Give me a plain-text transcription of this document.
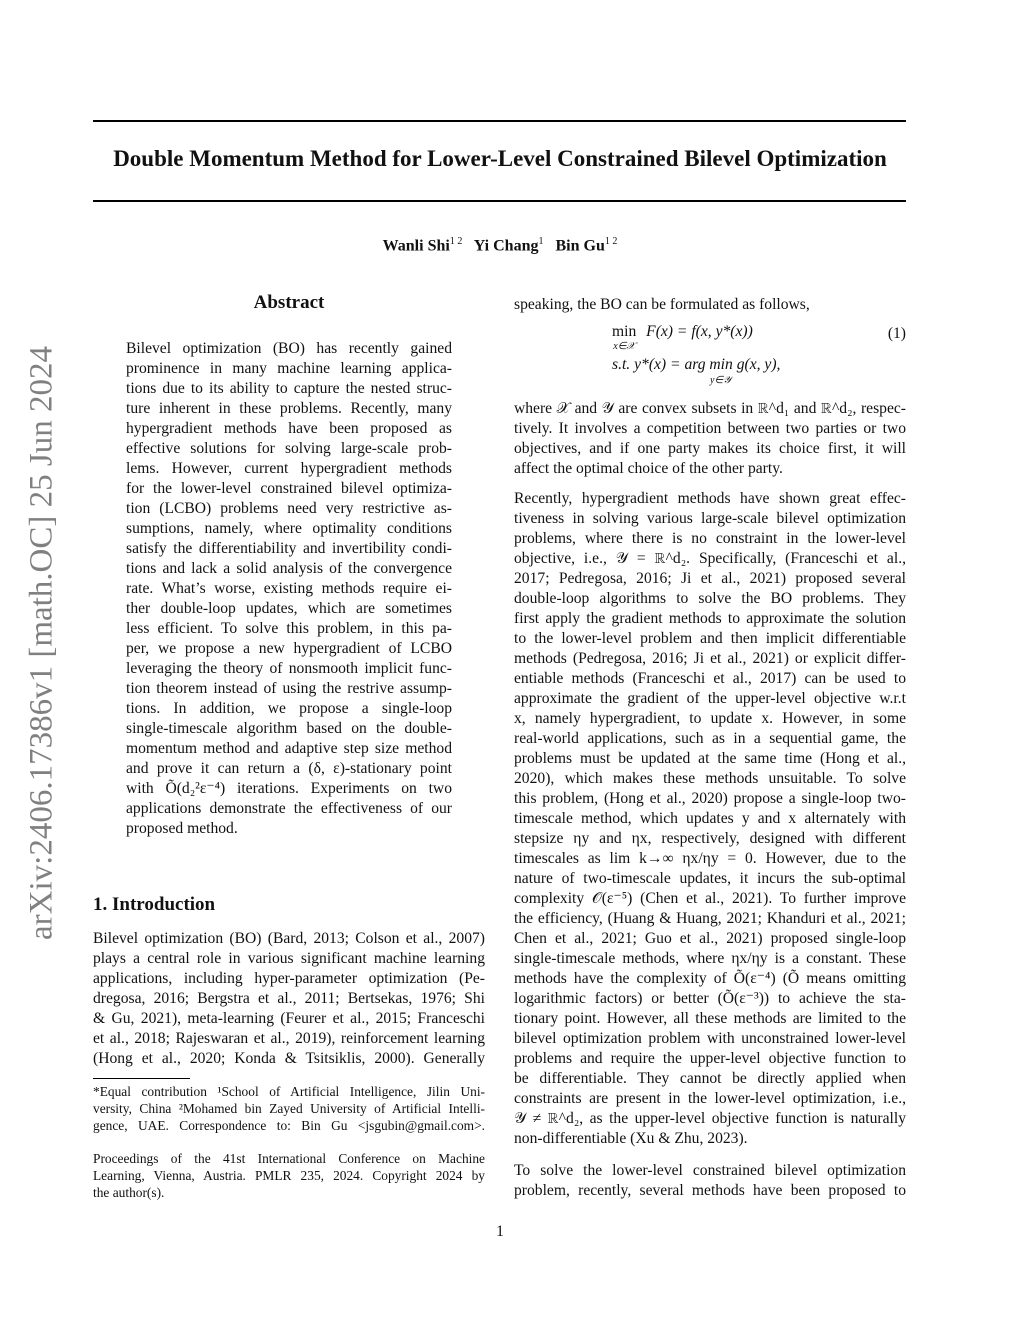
arXiv:2406.17386v1 [math.OC] 25 Jun 2024
Double Momentum Method for Lower-Level Constrained Bilevel Optimization
Wanli Shi$^{1 2}$ Yi Chang$^1$ Bin $Gu^{1 2}$
Abstract
Bilevel optimization (BO) has recently gained
prominence in many machine learning applica-
tions due to its ability to capture the nested struc-
ture inherent in these problems. Recently, many
hypergradient methods have been proposed as
effective solutions for solving large-scale prob-
lems. However, current hypergradient methods
for the lower-level constrained bilevel optimiza-
tion (LCBO) problems need very restrictive as-
sumptions, namely, where optimality conditions
satisfy the differentiability and invertibility condi-
tions and lack a solid analysis of the convergence
rate. What’s worse, existing methods require ei-
ther double-loop updates, which are sometimes
less efficient. To solve this problem, in this pa-
per, we propose a new hypergradient of LCBO
leveraging the theory of nonsmooth implicit func-
tion theorem instead of using the restrive assump-
tions. In addition, we propose a single-loop
single-timescale algorithm based on the double-
momentum method and adaptive step size method
and prove it can return a (δ, ε)-stationary point
with Õ(d₂²ε⁻⁴) iterations. Experiments on two
applications demonstrate the effectiveness of our
proposed method.
1. Introduction
Bilevel optimization (BO) (Bard, 2013; Colson et al., 2007)
plays a central role in various significant machine learning
applications, including hyper-parameter optimization (Pe-
dregosa, 2016; Bergstra et al., 2011; Bertsekas, 1976; Shi
& Gu, 2021), meta-learning (Feurer et al., 2015; Franceschi
et al., 2018; Rajeswaran et al., 2019), reinforcement learning
(Hong et al., 2020; Konda & Tsitsiklis, 2000). Generally
*Equal contribution ¹School of Artificial Intelligence, Jilin Uni-
versity, China ²Mohamed bin Zayed University of Artificial Intelli-
gence, UAE. Correspondence to: Bin Gu <jsgubin@gmail.com>.
Proceedings of the 41st International Conference on Machine
Learning, Vienna, Austria. PMLR 235, 2024. Copyright 2024 by
the author(s).
speaking, the BO can be formulated as follows,
min
x∈𝒳
F(x) = f(x, y*(x))
s.t. y*(x) = arg min g(x, y),
y∈𝒴
(1)
where 𝒳 and 𝒴 are convex subsets in ℝ^d₁ and ℝ^d₂, respec-
tively. It involves a competition between two parties or two
objectives, and if one party makes its choice first, it will
affect the optimal choice of the other party.
Recently, hypergradient methods have shown great effec-
tiveness in solving various large-scale bilevel optimization
problems, where there is no constraint in the lower-level
objective, i.e., 𝒴 = ℝ^d₂. Specifically, (Franceschi et al.,
2017; Pedregosa, 2016; Ji et al., 2021) proposed several
double-loop algorithms to solve the BO problems. They
first apply the gradient methods to approximate the solution
to the lower-level problem and then implicit differentiable
methods (Pedregosa, 2016; Ji et al., 2021) or explicit differ-
entiable methods (Franceschi et al., 2017) can be used to
approximate the gradient of the upper-level objective w.r.t
x, namely hypergradient, to update x. However, in some
real-world applications, such as in a sequential game, the
problems must be updated at the same time (Hong et al.,
2020), which makes these methods unsuitable. To solve
this problem, (Hong et al., 2020) propose a single-loop two-
timescale method, which updates y and x alternately with
stepsize ηy and ηx, respectively, designed with different
timescales as lim k→∞ ηx/ηy = 0. However, due to the
nature of two-timescale updates, it incurs the sub-optimal
complexity 𝒪(ε⁻⁵) (Chen et al., 2021). To further improve
the efficiency, (Huang & Huang, 2021; Khanduri et al., 2021;
Chen et al., 2021; Guo et al., 2021) proposed single-loop
single-timescale methods, where ηx/ηy is a constant. These
methods have the complexity of Õ(ε⁻⁴) (Õ means omitting
logarithmic factors) or better (Õ(ε⁻³)) to achieve the sta-
tionary point. However, all these methods are limited to the
bilevel optimization problem with unconstrained lower-level
problems and require the upper-level objective function to
be differentiable. They cannot be directly applied when
constraints are present in the lower-level optimization, i.e.,
𝒴 ≠ ℝ^d₂, as the upper-level objective function is naturally
non-differentiable (Xu & Zhu, 2023).
To solve the lower-level constrained bilevel optimization
problem, recently, several methods have been proposed to
1
